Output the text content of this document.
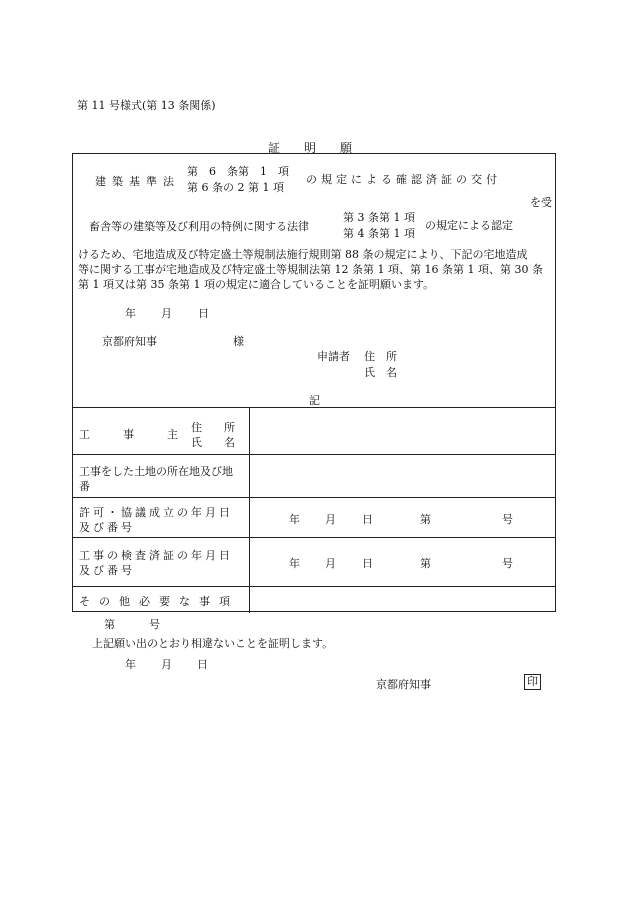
第 11 号様式(第 13 条関係)
証　　明　　願
建築基準法
第　6　条第　1　項
第 6 条の 2 第 1 項
の規定による確認済証の交付
を受
畜舎等の建築等及び利用の特例に関する法律
第 3 条第 1 項
第 4 条第 1 項
の規定による認定
けるため、宅地造成及び特定盛土等規制法施行規則第 88 条の規定により、下記の宅地造成
等に関する工事が宅地造成及び特定盛土等規制法第 12 条第 1 項、第 16 条第 1 項、第 30 条
第 1 項又は第 35 条第 1 項の規定に適合していることを証明願います。
年 月 日
京都府知事	様
申請者 住　所
氏　名
記
工　　　事　　　主
住　　所
氏　　名
工事をした土地の所在地及び地
番
許可・協議成立の年月日
及び番号
年 月 日	第	号
工事の検査済証の年月日
及び番号
年 月 日	第	号
その他必要な事項
第	号
上記願い出のとおり相違ないことを証明します。
年 月 日
京都府知事	印
